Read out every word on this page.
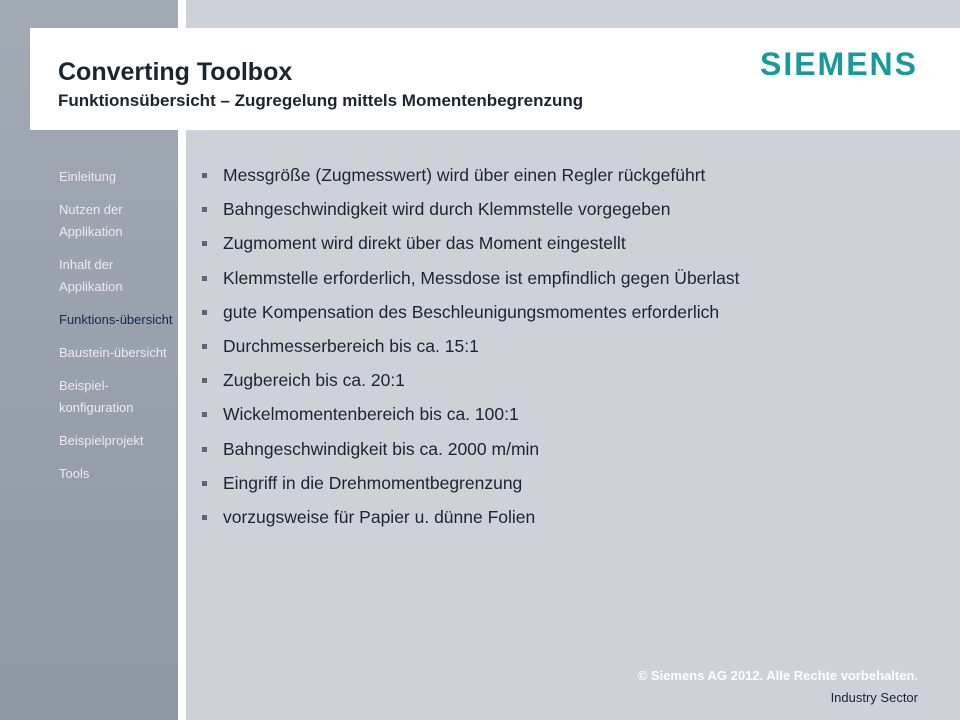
Converting Toolbox
Funktionsübersicht – Zugregelung mittels Momentenbegrenzung
SIEMENS
Einleitung
Nutzen der Applikation
Inhalt der Applikation
Funktions-übersicht
Baustein-übersicht
Beispiel-konfiguration
Beispielprojekt
Tools
Messgröße (Zugmesswert) wird über einen Regler rückgeführt
Bahngeschwindigkeit wird durch Klemmstelle vorgegeben
Zugmoment wird direkt über das Moment eingestellt
Klemmstelle erforderlich, Messdose ist empfindlich gegen Überlast
gute Kompensation des Beschleunigungsmomentes erforderlich
Durchmesserbereich bis ca. 15:1
Zugbereich bis ca. 20:1
Wickelmomentenbereich bis ca. 100:1
Bahngeschwindigkeit bis ca. 2000 m/min
Eingriff in die Drehmomentbegrenzung
vorzugsweise für Papier u. dünne Folien
© Siemens AG 2012. Alle Rechte vorbehalten.
Industry Sector
